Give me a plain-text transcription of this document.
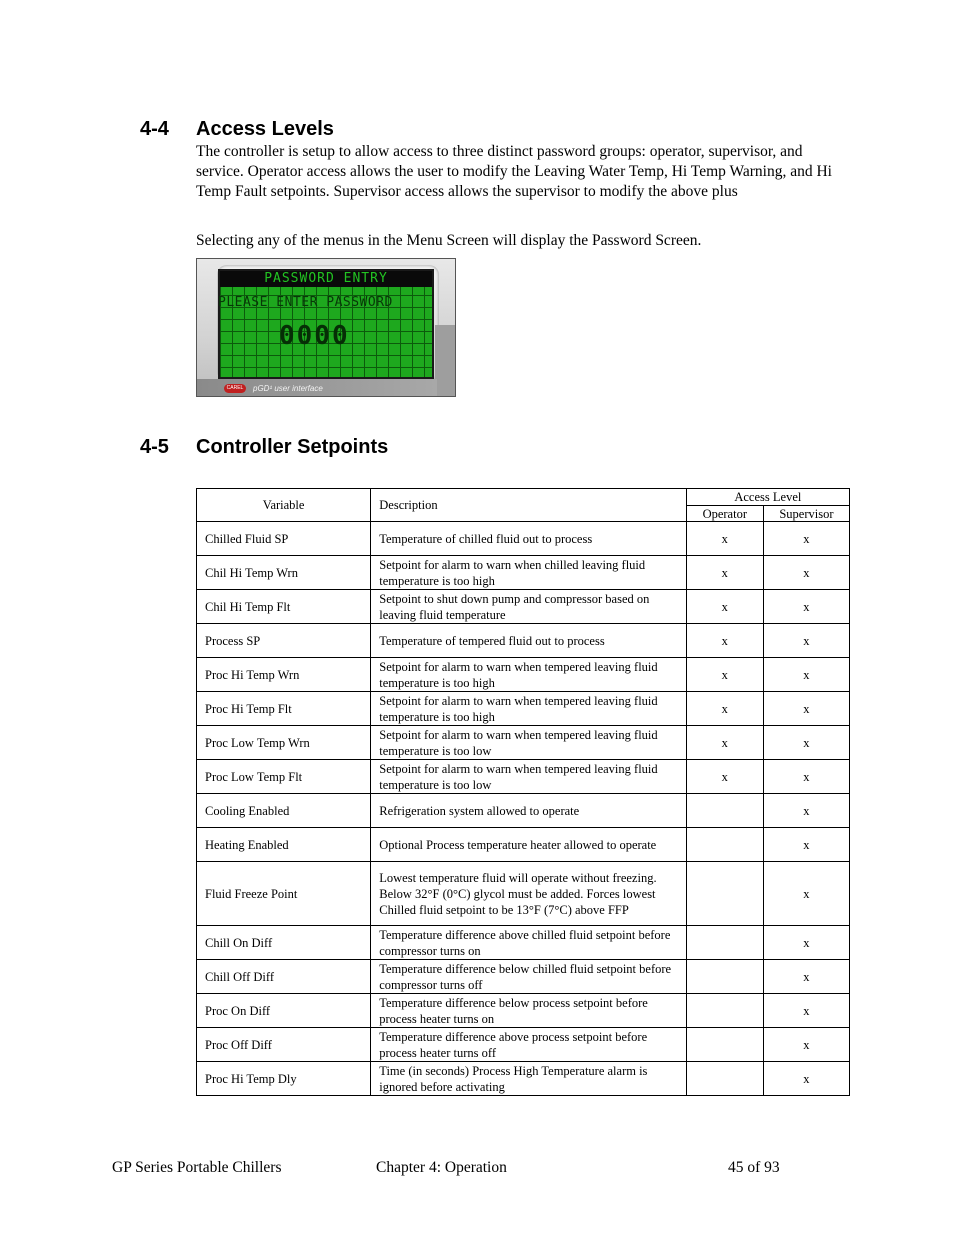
4-4 Access Levels

The controller is setup to allow access to three distinct password groups: operator, supervisor, and service. Operator access allows the user to modify the Leaving Water Temp, Hi Temp Warning, and Hi Temp Fault setpoints. Supervisor access allows the supervisor to modify the above plus

Selecting any of the menus in the Menu Screen will display the Password Screen.

PASSWORD ENTRY
PLEASE ENTER PASSWORD
0000
CAREL	pGD¹ user interface
4-5 Controller Setpoints
Variable	Description	Access Level	
		Operator	Supervisor
Chilled Fluid SP	Temperature of chilled fluid out to process	x	x
Chil Hi Temp Wrn	Setpoint for alarm to warn when chilled leaving fluid temperature is too high	x	x
Chil Hi Temp Flt	Setpoint to shut down pump and compressor based on leaving fluid temperature	x	x
Process SP	Temperature of tempered fluid out to process	x	x
Proc Hi Temp Wrn	Setpoint for alarm to warn when tempered leaving fluid temperature is too high	x	x
Proc Hi Temp Flt	Setpoint for alarm to warn when tempered leaving fluid temperature is too high	x	x
Proc Low Temp Wrn	Setpoint for alarm to warn when tempered leaving fluid temperature is too low	x	x
Proc Low Temp Flt	Setpoint for alarm to warn when tempered leaving fluid temperature is too low	x	x
Cooling Enabled	Refrigeration system allowed to operate		x
Heating Enabled	Optional Process temperature heater allowed to operate		x
Fluid Freeze Point	Lowest temperature fluid will operate without freezing. Below 32°F (0°C) glycol must be added. Forces lowest Chilled fluid setpoint to be 13°F (7°C) above FFP		x
Chill On Diff	Temperature difference above chilled fluid setpoint before compressor turns on		x
Chill Off Diff	Temperature difference below chilled fluid setpoint before compressor turns off		x
Proc On Diff	Temperature difference below process setpoint before process heater turns on		x
Proc Off Diff	Temperature difference above process setpoint before process heater turns off		x
Proc Hi Temp Dly	Time (in seconds) Process High Temperature alarm is ignored before activating		x
GP Series Portable Chillers	Chapter 4: Operation	45 of 93
